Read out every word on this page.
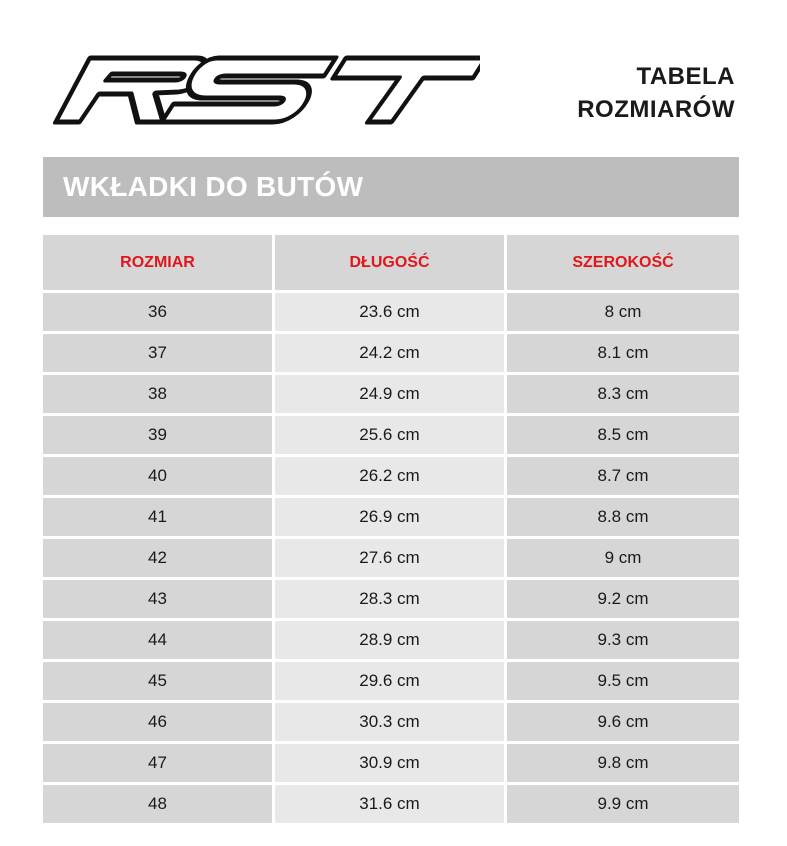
TABELA
ROZMIARÓW
WKŁADKI DO BUTÓW
ROZMIAR	DŁUGOŚĆ	SZEROKOŚĆ
36	23.6 cm	8 cm
37	24.2 cm	8.1 cm
38	24.9 cm	8.3 cm
39	25.6 cm	8.5 cm
40	26.2 cm	8.7 cm
41	26.9 cm	8.8 cm
42	27.6 cm	9 cm
43	28.3 cm	9.2 cm
44	28.9 cm	9.3 cm
45	29.6 cm	9.5 cm
46	30.3 cm	9.6 cm
47	30.9 cm	9.8 cm
48	31.6 cm	9.9 cm
